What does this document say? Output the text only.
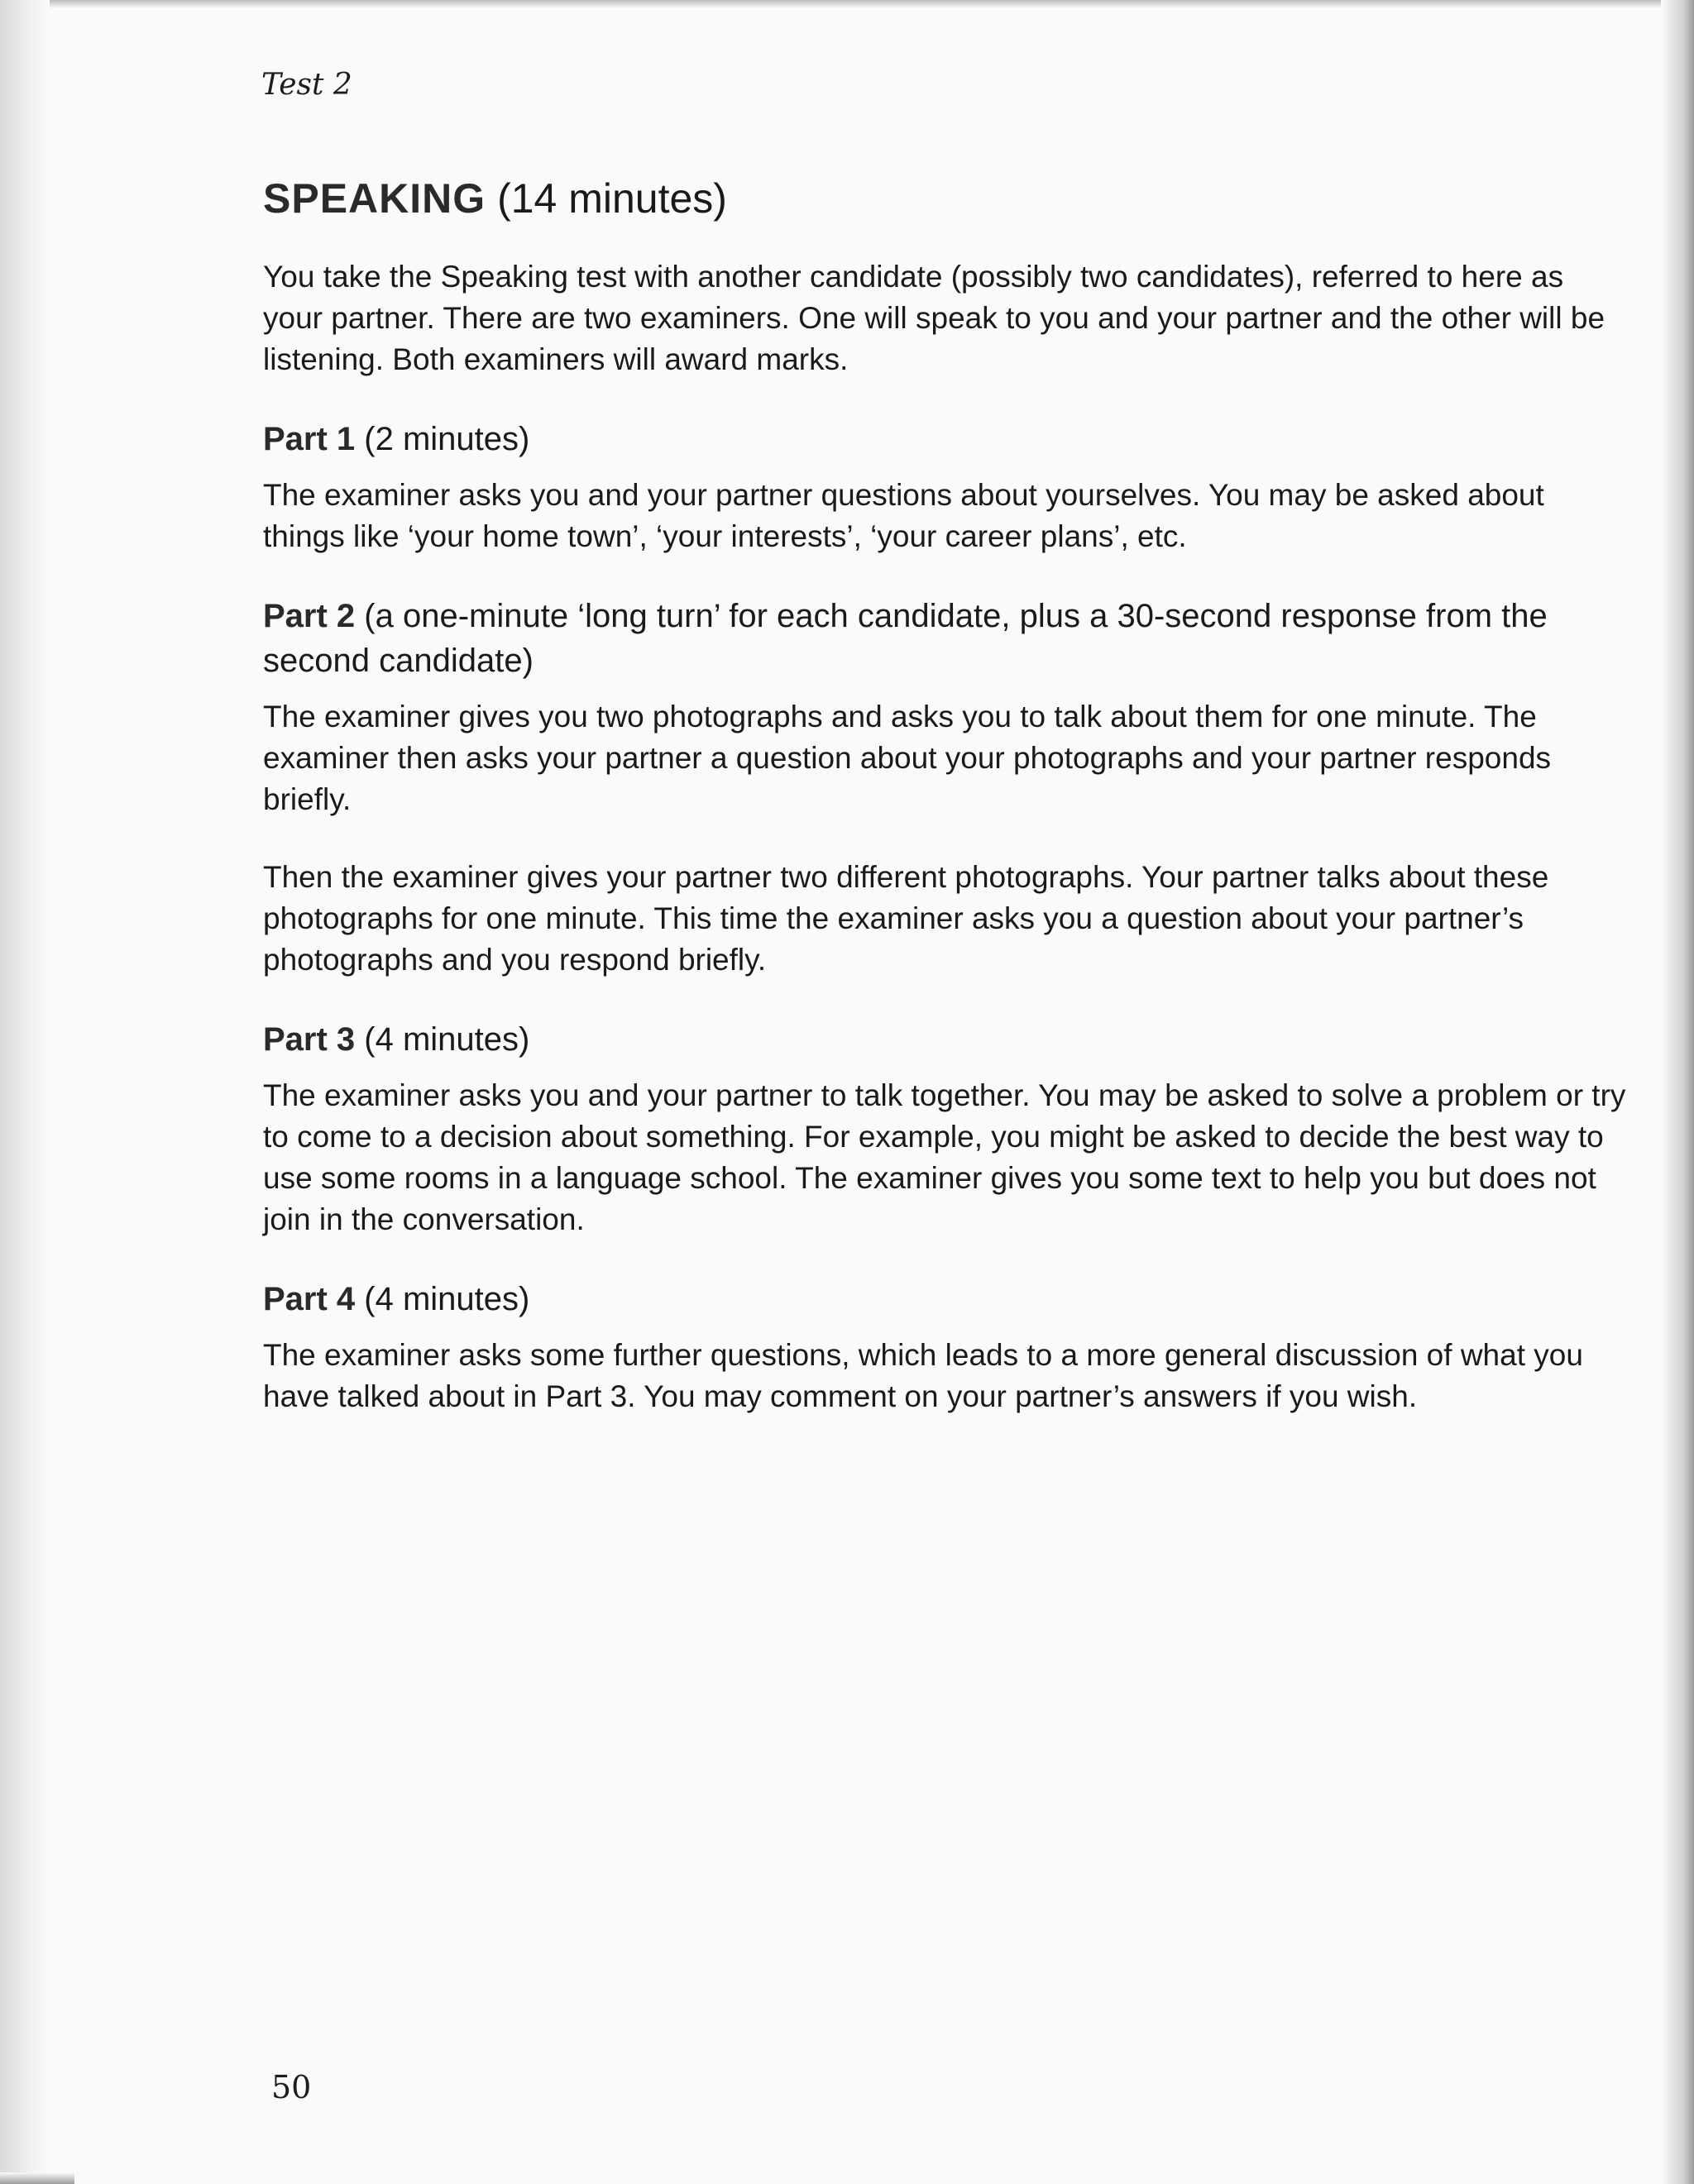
Test 2
SPEAKING (14 minutes)

You take the Speaking test with another candidate (possibly two candidates), referred to here as your partner. There are two examiners. One will speak to you and your partner and the other will be listening. Both examiners will award marks.

Part 1 (2 minutes)

The examiner asks you and your partner questions about yourselves. You may be asked about things like ‘your home town’, ‘your interests’, ‘your career plans’, etc.

Part 2 (a one-minute ‘long turn’ for each candidate, plus a 30-second response from the second candidate)

The examiner gives you two photographs and asks you to talk about them for one minute. The examiner then asks your partner a question about your photographs and your partner responds briefly.

Then the examiner gives your partner two different photographs. Your partner talks about these photographs for one minute. This time the examiner asks you a question about your partner’s photographs and you respond briefly.

Part 3 (4 minutes)

The examiner asks you and your partner to talk together. You may be asked to solve a problem or try to come to a decision about something. For example, you might be asked to decide the best way to use some rooms in a language school. The examiner gives you some text to help you but does not join in the conversation.

Part 4 (4 minutes)

The examiner asks some further questions, which leads to a more general discussion of what you have talked about in Part 3. You may comment on your partner’s answers if you wish.

50
